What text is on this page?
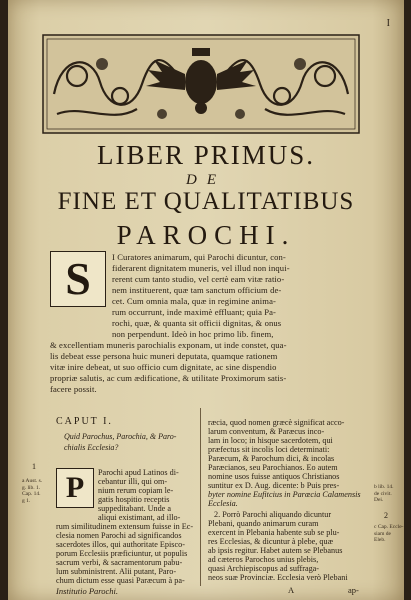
I
LIBER PRIMUS.
DE
FINE ET QUALITATIBUS
PAROCHI.
S	I Curatores animarum, qui Parochi dicuntur, con-
fiderarent dignitatem muneris, vel illud non inqui-
rerent cum tanto studio, vel certè eam vitæ ratio-
nem instituerent, quæ tam sanctum officium de-
cet. Cum omnia mala, quæ in regimine anima-
rum occurrunt, inde maximè effluant; quia Pa-
rochi, quæ, & quanta sit officii dignitas, & onus
non perpendunt. Ideò in hoc primo lib. finem,
& excellentiam muneris parochialis exponam, ut inde constet, qua-
lis debeat esse persona huic muneri deputata, quamque rationem
vitæ inire debeat, ut suo officio cum dignitate, ac sine dispendio
propriæ salutis, ac cum ædificatione, & utilitate Proximorum satis-
facere possit.
CAPUT I.
Quid Parochus, Parochia, & Paro-
chialis Ecclesia?
1
P	Parochi apud Latinos di-
cebantur illi, qui om-
nium rerum copiam le-
gatis hospitio receptis
suppeditabant. Unde a
aliqui existimant, ad illo-
rum similitudinem extensum fuisse in Ec-
clesia nomen Parochi ad significandos
sacerdotes illos, qui authoritate Episco-
porum Ecclesiis præficiuntur, ut populis
sacrum verbi, & sacramentorum pabu-
lum subministrent. Alii putant, Paro-
chum dictum esse quasi Paræcum à pa-
Institutio Parochi.
ræcia, quod nomen græcè significat acco-
larum conventum, & Paræcus inco-
lam in loco; in hisque sacerdotem, qui
præfectus sit incolis loci determinati:
Paræcum, & Parochum dici, & incolas
Paræcianos, seu Parochianos. Eo autem
nomine usos fuisse antiquos Christianos
suntitur ex D. Aug. dicente: b Puis pres-
byter nomine Eufitcius in Parœcia Calamensis
Ecclesia.
2. Porrò Parochi aliquando dicuntur
Plebani, quando animarum curam
exercent in Plebania habente sub se plu-
res Ecclesias, & dicuntur à plebe, quæ
ab ipsis regitur. Habet autem se Plebanus
ad cæteros Parochos unius plebis,
quasi Archiepiscopus ad suffraga-
neos suæ Provinciæ. Ecclesia verò Plebani
A	ap-
a Aust. s.
g. lib. 1.
Cap. 14.
g 1.
b lib. 14.
de civit.
Dei.
2
c Cap. Eccle-
siam de
Eleb.
